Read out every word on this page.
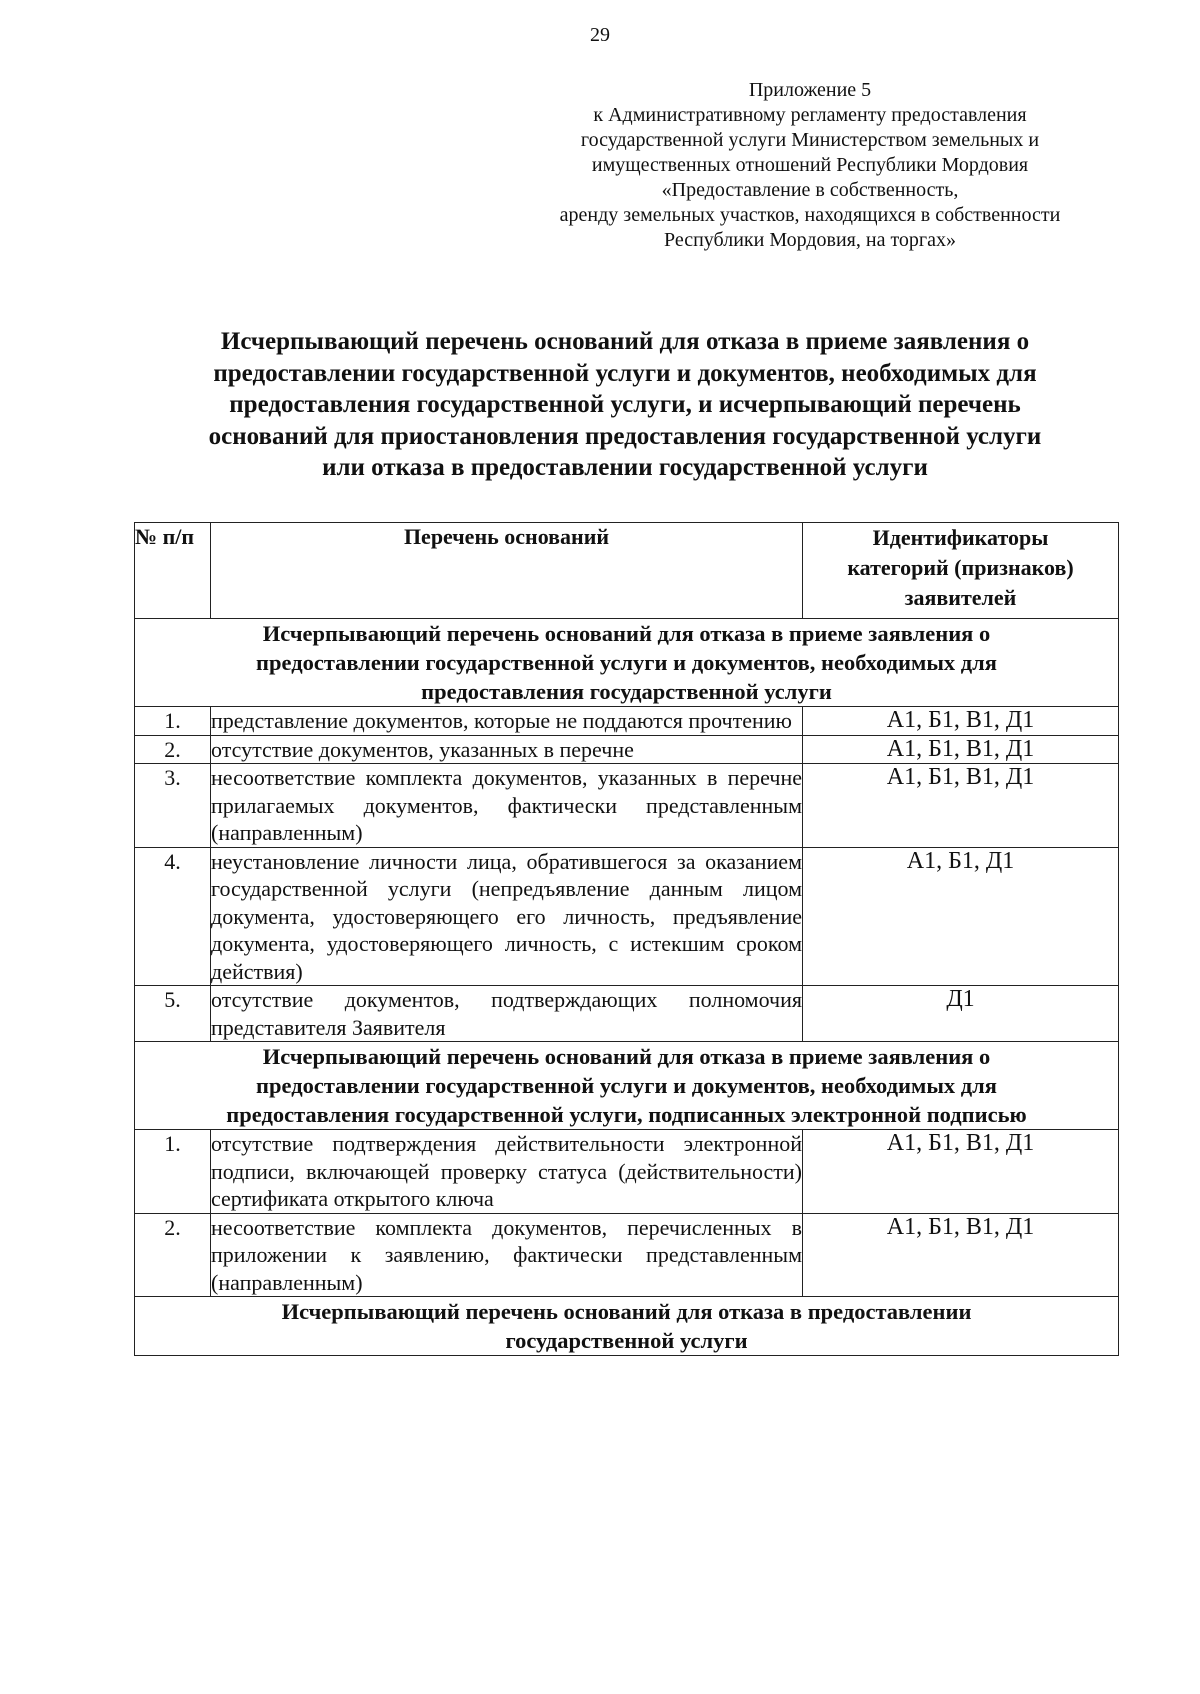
29
Приложение 5
к Административному регламенту предоставления
государственной услуги Министерством земельных и
имущественных отношений Республики Мордовия
«Предоставление в собственность,
аренду земельных участков, находящихся в собственности
Республики Мордовия, на торгах»
Исчерпывающий перечень оснований для отказа в приеме заявления о
предоставлении государственной услуги и документов, необходимых для
предоставления государственной услуги, и исчерпывающий перечень
оснований для приостановления предоставления государственной услуги
или отказа в предоставлении государственной услуги
№ п/п	Перечень оснований	Идентификаторы
категорий (признаков)
заявителей

Исчерпывающий перечень оснований для отказа в приеме заявления о
предоставлении государственной услуги и документов, необходимых для
предоставления государственной услуги		

1.	представление документов, которые не поддаются прочтению	А1, Б1, В1, Д1
2.	отсутствие документов, указанных в перечне	А1, Б1, В1, Д1
3.	несоответствие комплекта документов, указанных в перечне прилагаемых документов, фактически представленным (направленным)	А1, Б1, В1, Д1
4.	неустановление личности лица, обратившегося за оказанием государственной услуги (непредъявление данным лицом документа, удостоверяющего его личность, предъявление документа, удостоверяющего личность, с истекшим сроком действия)	А1, Б1, Д1
5.	отсутствие документов, подтверждающих полномочия представителя Заявителя	Д1

Исчерпывающий перечень оснований для отказа в приеме заявления о
предоставлении государственной услуги и документов, необходимых для
предоставления государственной услуги, подписанных электронной подписью		

1.	отсутствие подтверждения действительности электронной подписи, включающей проверку статуса (действительности) сертификата открытого ключа	А1, Б1, В1, Д1
2.	несоответствие комплекта документов, перечисленных в приложении к заявлению, фактически представленным (направленным)	А1, Б1, В1, Д1

Исчерпывающий перечень оснований для отказа в предоставлении
государственной услуги		
